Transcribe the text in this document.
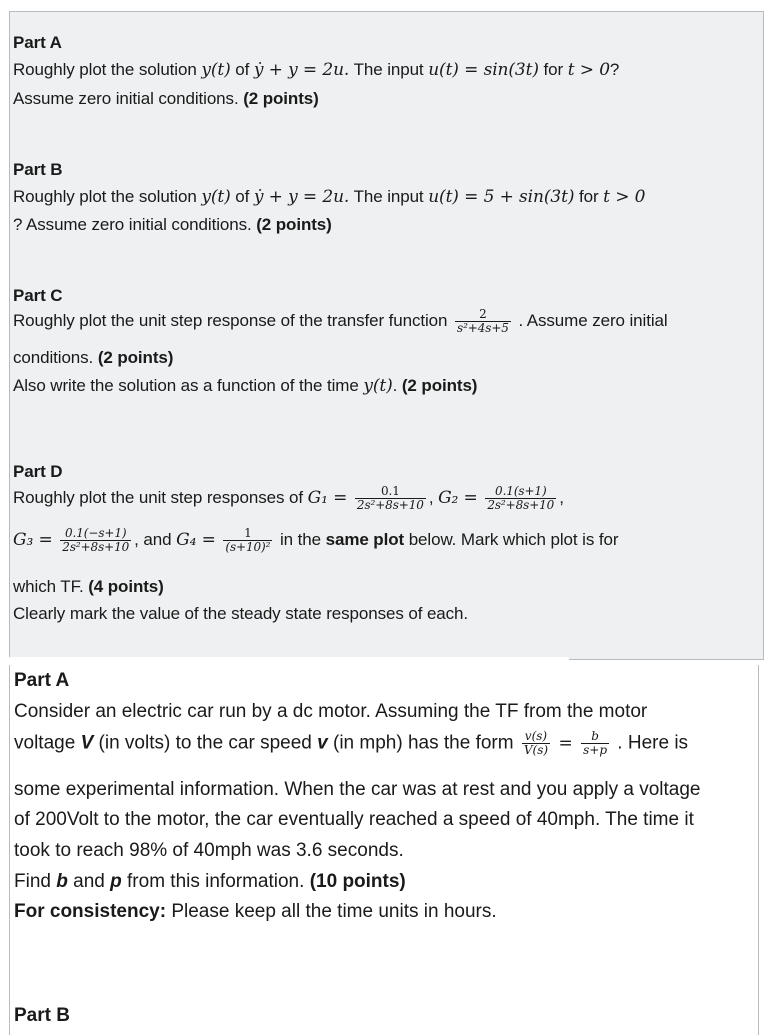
Part A
Roughly plot the solution y(t) of ẏ + y = 2u. The input u(t) = sin(3t) for t > 0?
Assume zero initial conditions. (2 points)
Part B
Roughly plot the solution y(t) of ẏ + y = 2u. The input u(t) = 5 + sin(3t) for t > 0
? Assume zero initial conditions. (2 points)
Part C
Roughly plot the unit step response of the transfer function $\frac{2}{\text{s²+4s+5}}$ . Assume zero initial
conditions. (2 points)
Also write the solution as a function of the time y(t). (2 points)
Part D
Roughly plot the unit step responses of $G_1 = \frac{0.1}{\text{2s²+8s+10}}$ , $G_2 = \frac{0.1(s+1)}{\text{2s²+8s+10}}$ ,
$G_3 = \frac{0.1(-s+1)}{\text{2s²+8s+10}}$ , and $G_4 = \frac{1}{\text{(s+10)²}}$ in the same plot below. Mark which plot is for
which TF. (4 points)
Clearly mark the value of the steady state responses of each.
Part A
Consider an electric car run by a dc motor. Assuming the TF from the motor
voltage V (in volts) to the car speed v (in mph) has the form $\frac{v(s)}{V(s)} = \frac{b}{s+p}$ . Here is
some experimental information. When the car was at rest and you apply a voltage
of 200Volt to the motor, the car eventually reached a speed of 40mph. The time it
took to reach 98% of 40mph was 3.6 seconds.
Find b and p from this information. (10 points)
For consistency: Please keep all the time units in hours.
Part B
